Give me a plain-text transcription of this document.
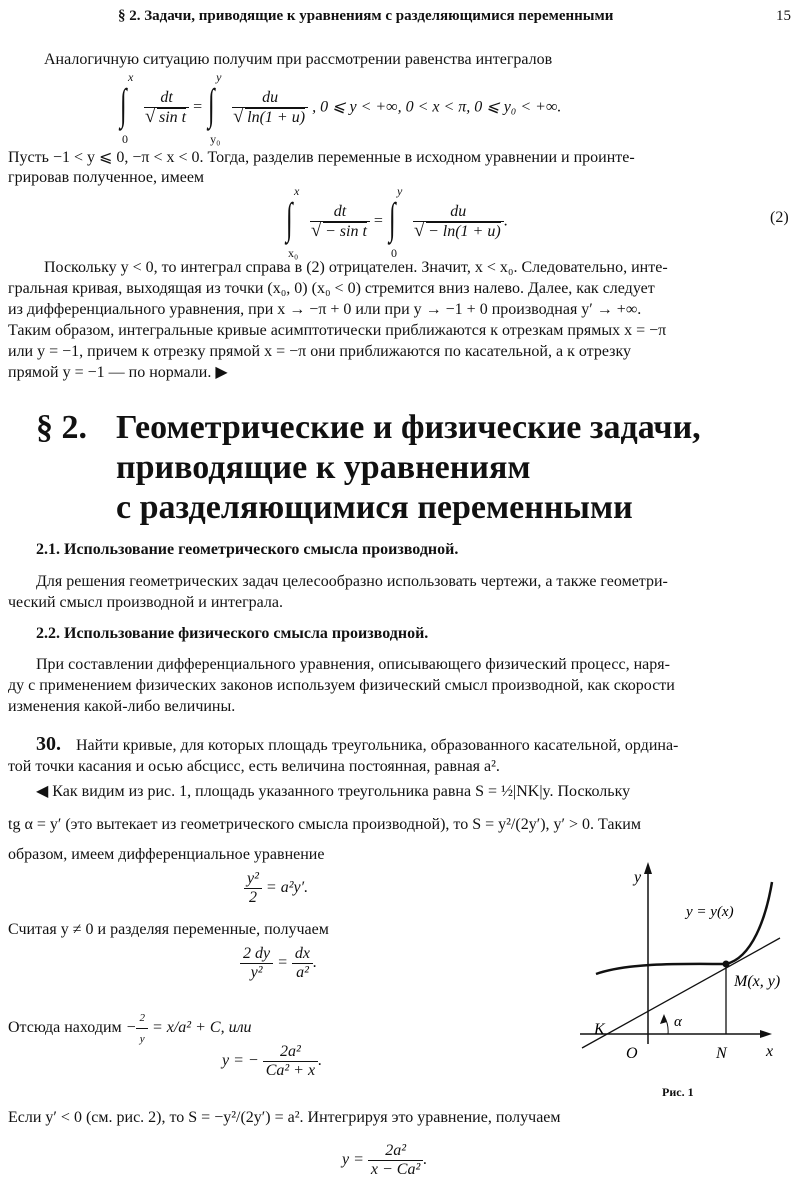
§ 2. Задачи, приводящие к уравнениям с разделяющимися переменными	15
Аналогичную ситуацию получим при рассмотрении равенства интегралов
∫
x
0

dt
√ sin t = ∫
y
y₀

du
√ ln(1 + u) , 0 ⩽ y < +∞, 0 < x < π, 0 ⩽ y₀ < +∞.
Пусть −1 < y ⩽ 0, −π < x < 0. Тогда, разделив переменные в исходном уравнении и проинте-
грировав полученное, имеем
∫
x
x₀

dt
√ − sin t = ∫
y
0

du
√ − ln(1 + u) .	(2)
Поскольку y < 0, то интеграл справа в (2) отрицателен. Значит, x < x₀. Следовательно, инте-
гральная кривая, выходящая из точки (x₀, 0) (x₀ < 0) стремится вниз налево. Далее, как следует
из дифференциального уравнения, при x → −π + 0 или при y → −1 + 0 производная y′ → +∞.
Таким образом, интегральные кривые асимптотически приближаются к отрезкам прямых x = −π
или y = −1, причем к отрезку прямой x = −π они приближаются по касательной, а к отрезку
прямой y = −1 — по нормали. ▶
§ 2. Геометрические и физические задачи,
приводящие к уравнениям
с разделяющимися переменными
2.1. Использование геометрического смысла производной.
Для решения геометрических задач целесообразно использовать чертежи, а также геометри-
ческий смысл производной и интеграла.
2.2. Использование физического смысла производной.
При составлении дифференциального уравнения, описывающего физический процесс, наря-
ду с применением физических законов используем физический смысл производной, как скорости
изменения какой-либо величины.
30. Найти кривые, для которых площадь треугольника, образованного касательной, ордина-
той точки касания и осью абсцисс, есть величина постоянная, равная a².
◀ Как видим из рис. 1, площадь указанного треугольника равна S = ½|NK|y. Поскольку
tg α = y′ (это вытекает из геометрического смысла производной), то S = y²/(2y′), y′ > 0. Таким
образом, имеем дифференциальное уравнение
$\frac{\text{y²}}{2} = a^2y'$.
Считая y ≠ 0 и разделяя переменные, получаем
$\frac{2 dy}{\text{y²}} = \frac{dx}{\text{a²}}$ .
Отсюда находим − $\frac{2}{y} = x/a^2 + C$, или
y = − $\frac{\text{2a²}}{\text{Ca² + x}}$ .
Если y′ < 0 (см. рис. 2), то S = −y²/(2y′) = a². Интегрируя это уравнение, получаем
$y = \frac{\text{2a²}}{\text{x − Ca²}}$ .
y
x
y = y(x)
M(x, y)
K
O	N
α
Рис. 1
